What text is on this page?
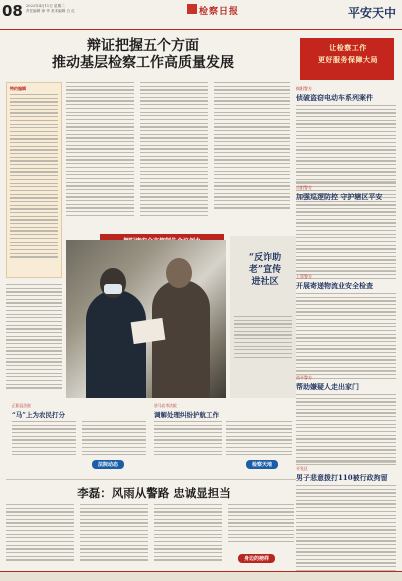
08 2022年4月11日 星期二
责任编辑 徐 华 美术编辑 白 红	检察日报	平安天中
辩证把握五个方面
推动基层检察工作高质量发展
特约编辑
让检察工作
更好服务保障大局
揭阳警方
侦破盗窃电动车系列案件
岳阳警方
加强巡逻防控 守护辖区平安
上蔡警方
开展寄递物流业安全检查
西平警方
帮助嫌疑人走出家门
开发区
男子悲意拨打110被行政拘留
“反诈助老”宣传
进社区
正阳县法院
“马”上为农民打分
法院动态
驻马店市法院
调解处理纠纷护航工作
检察天地
李磊：风雨从警路 忠诚显担当
身边的榜样
